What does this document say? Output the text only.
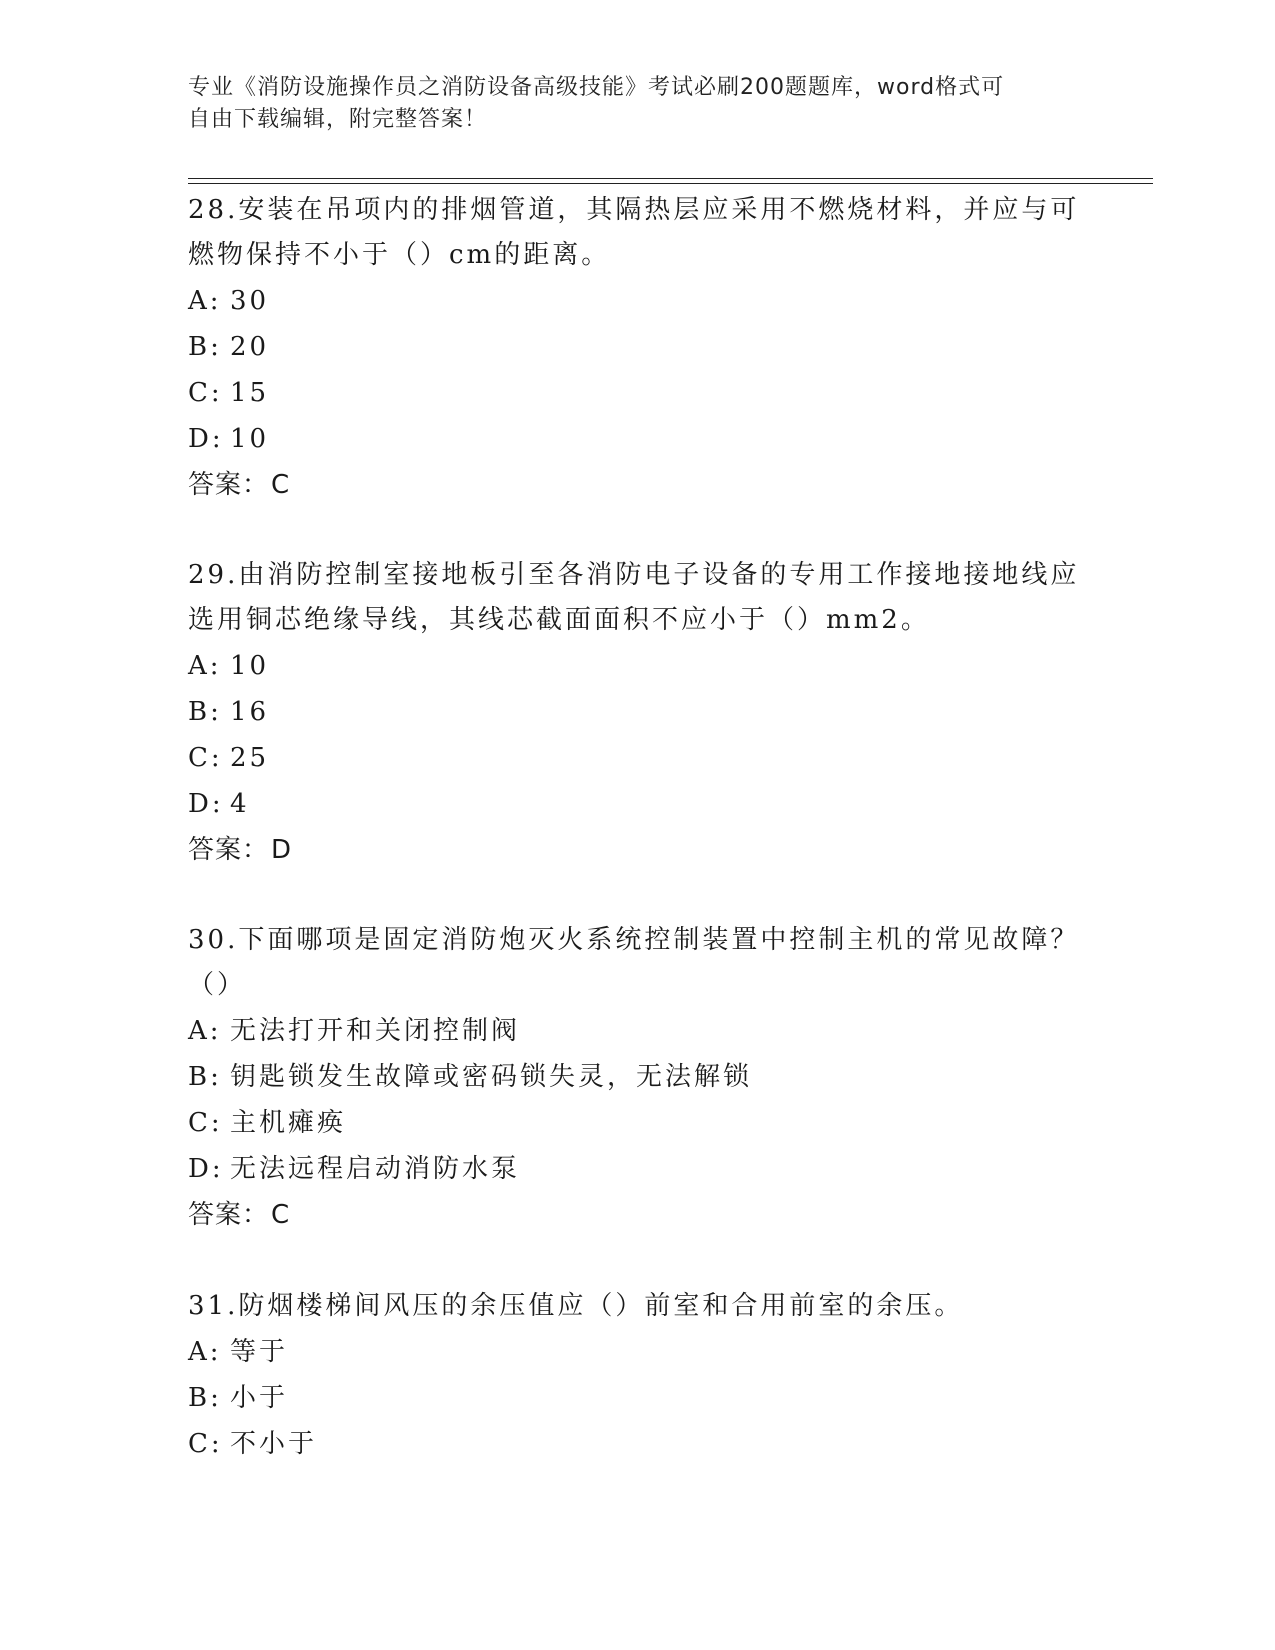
专业《消防设施操作员之消防设备高级技能》考试必刷200题题库，word格式可
自由下载编辑，附完整答案！

28.安装在吊项内的排烟管道，其隔热层应采用不燃烧材料，并应与可

燃物保持不小于（）cm的距离。

A: 30

B: 20

C: 15

D: 10

答案：C

29.由消防控制室接地板引至各消防电子设备的专用工作接地接地线应

选用铜芯绝缘导线，其线芯截面面积不应小于（）mm2。

A: 10

B: 16

C: 25

D: 4

答案：D

30.下面哪项是固定消防炮灭火系统控制装置中控制主机的常见故障？

（）

A: 无法打开和关闭控制阀

B: 钥匙锁发生故障或密码锁失灵，无法解锁

C: 主机瘫痪

D: 无法远程启动消防水泵

答案：C

31.防烟楼梯间风压的余压值应（）前室和合用前室的余压。

A: 等于

B: 小于

C: 不小于
